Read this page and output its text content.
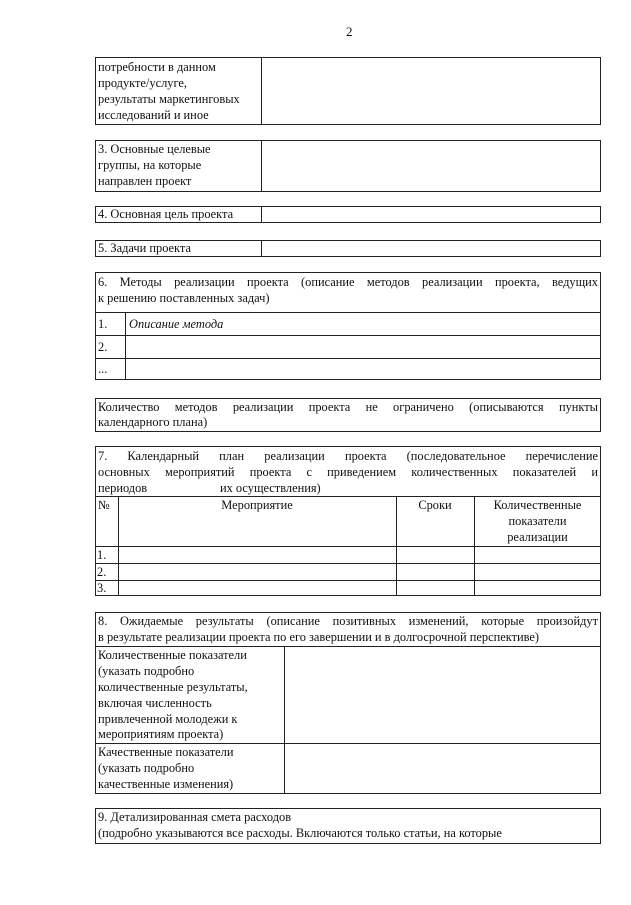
2
потребности в данном
продукте/услуге,
результаты маркетинговых
исследований и иное
3. Основные целевые
группы, на которые
направлен проект
4. Основная цель проекта
5. Задачи проекта
6. Методы реализации проекта (описание методов реализации проекта, ведущих
к решению поставленных задач)
1. Описание метода
2.
...
Количество методов реализации проекта не ограничено (описываются пункты
календарного плана)
7. Календарный план реализации проекта (последовательное перечисление
основных мероприятий проекта с приведением количественных показателей и
периодов	их осуществления)
№	Мероприятие	Сроки	Количественные
показатели
реализации
1.
2.
3.
8. Ожидаемые результаты (описание позитивных изменений, которые произойдут
в результате реализации проекта по его завершении и в долгосрочной перспективе)
Количественные показатели
(указать подробно
количественные результаты,
включая численность
привлеченной молодежи к
мероприятиям проекта)
Качественные показатели
(указать подробно
качественные изменения)
9. Детализированная смета расходов
(подробно указываются все расходы. Включаются только статьи, на которые
